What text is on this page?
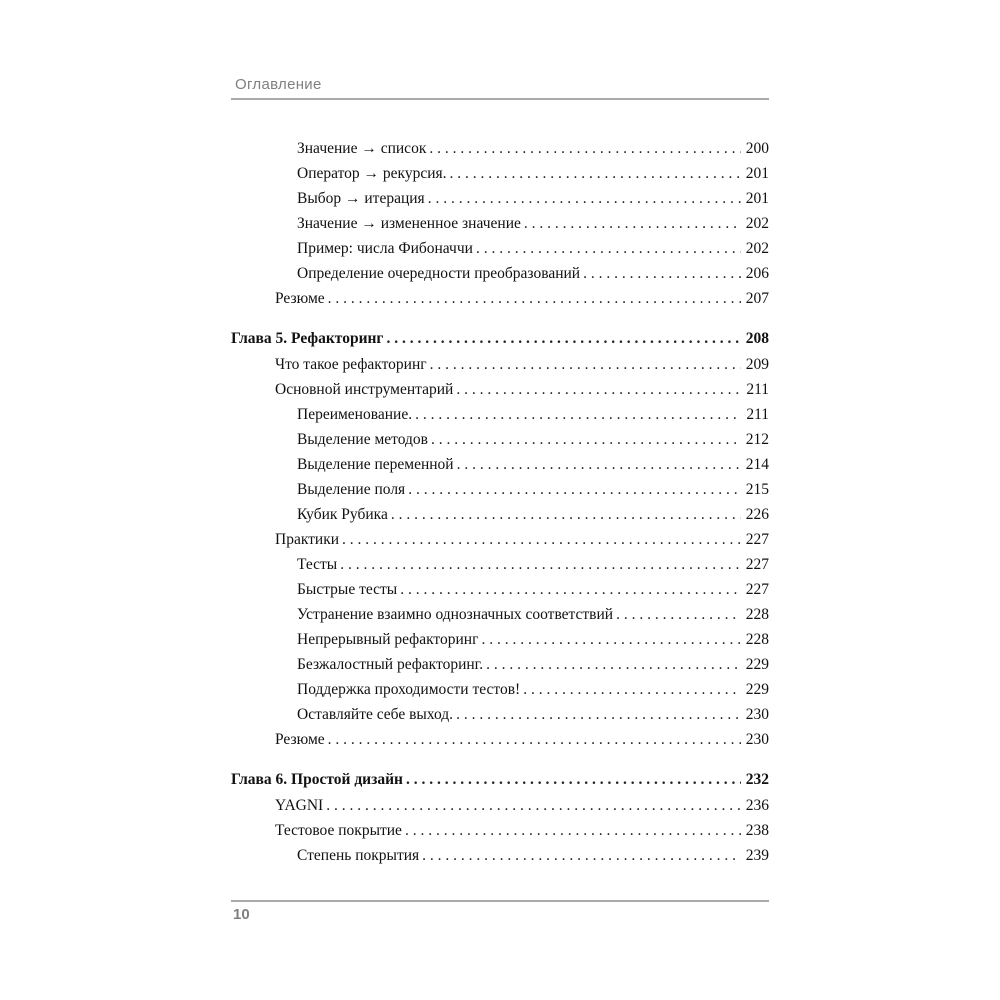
Оглавление
Значение → список . . .	200
Оператор → рекурсия. . . .	201
Выбор → итерация . . .	201
Значение → измененное значение . . .	202
Пример: числа Фибоначчи . . .	202
Определение очередности преобразований . . .	206
Резюме . . .	207
Глава 5. Рефакторинг . . .	208
Что такое рефакторинг . . .	209
Основной инструментарий . . .	211
Переименование. . . .	211
Выделение методов . . .	212
Выделение переменной . . .	214
Выделение поля . . .	215
Кубик Рубика . . .	226
Практики . . .	227
Тесты . . .	227
Быстрые тесты . . .	227
Устранение взаимно однозначных соответствий . . .	228
Непрерывный рефакторинг . . .	228
Безжалостный рефакторинг. . . .	229
Поддержка проходимости тестов! . . .	229
Оставляйте себе выход. . . .	230
Резюме . . .	230
Глава 6. Простой дизайн . . .	232
YAGNI . . .	236
Тестовое покрытие . . .	238
Степень покрытия . . .	239
10
